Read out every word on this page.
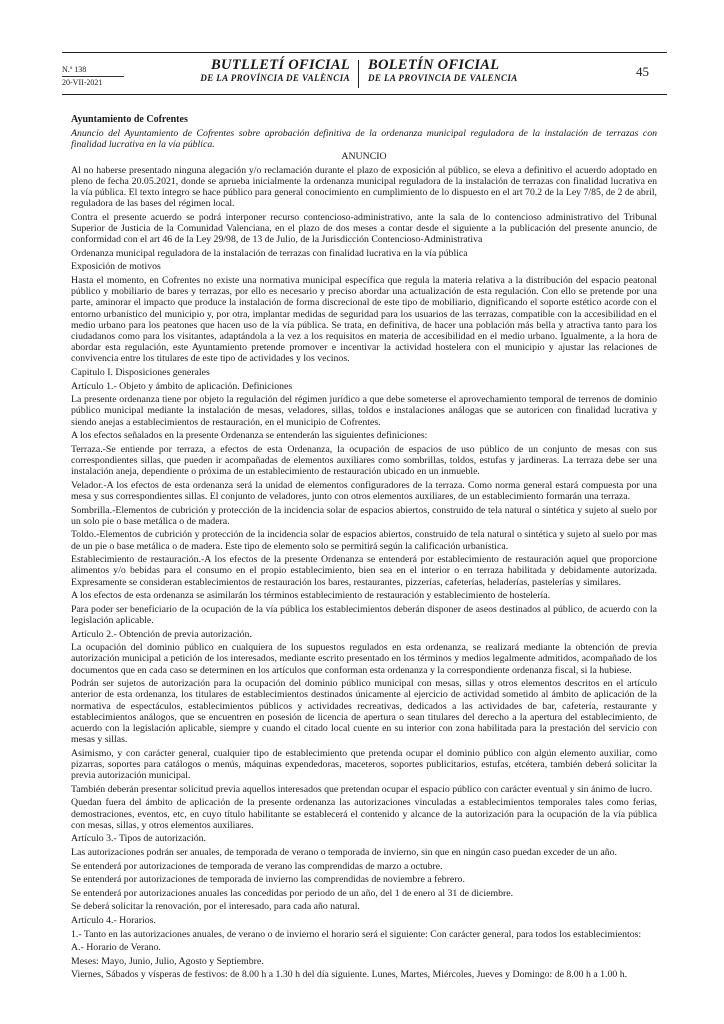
N.º 138
20-VII-2021
BUTLLETÍ OFICIAL
DE LA PROVÍNCIA DE VALÈNCIA
BOLETÍN OFICIAL
DE LA PROVINCIA DE VALENCIA	45

Ayuntamiento de Cofrentes

Anuncio del Ayuntamiento de Cofrentes sobre aprobación definitiva de la ordenanza municipal reguladora de la instalación de terrazas con finalidad lucrativa en la vía pública.

ANUNCIO

Al no haberse presentado ninguna alegación y/o reclamación durante el plazo de exposición al público, se eleva a definitivo el acuerdo adoptado en pleno de fecha 20.05.2021, donde se aprueba inicialmente la ordenanza municipal reguladora de la instalación de terrazas con finalidad lucrativa en la vía pública. El texto íntegro se hace público para general conocimiento en cumplimiento de lo dispuesto en el art 70.2 de la Ley 7/85, de 2 de abril, reguladora de las bases del régimen local.

Contra el presente acuerdo se podrá interponer recurso contencioso-administrativo, ante la sala de lo contencioso administrativo del Tribunal Superior de Justicia de la Comunidad Valenciana, en el plazo de dos meses a contar desde el siguiente a la publicación del presente anuncio, de conformidad con el art 46 de la Ley 29/98, de 13 de Julio, de la Jurisdicción Contencioso-Administrativa

Ordenanza municipal reguladora de la instalación de terrazas con finalidad lucrativa en la vía pública

Exposición de motivos

Hasta el momento, en Cofrentes no existe una normativa municipal específica que regula la materia relativa a la distribución del espacio peatonal público y mobiliario de bares y terrazas, por ello es necesario y preciso abordar una actualización de esta regulación. Con ello se pretende por una parte, aminorar el impacto que produce la instalación de forma discrecional de este tipo de mobiliario, dignificando el soporte estético acorde con el entorno urbanístico del municipio y, por otra, implantar medidas de seguridad para los usuarios de las terrazas, compatible con la accesibilidad en el medio urbano para los peatones que hacen uso de la vía pública. Se trata, en definitiva, de hacer una población más bella y atractiva tanto para los ciudadanos como para los visitantes, adaptándola a la vez a los requisitos en materia de accesibilidad en el medio urbano. Igualmente, a la hora de abordar esta regulación, este Ayuntamiento pretende promover e incentivar la actividad hostelera con el municipio y ajustar las relaciones de convivencia entre los titulares de este tipo de actividades y los vecinos.

Capitulo I. Disposiciones generales

Artículo 1.- Objeto y ámbito de aplicación. Definiciones

La presente ordenanza tiene por objeto la regulación del régimen jurídico a que debe someterse el aprovechamiento temporal de terrenos de dominio público municipal mediante la instalación de mesas, veladores, sillas, toldos e instalaciones análogas que se autoricen con finalidad lucrativa y siendo anejas a establecimientos de restauración, en el municipio de Cofrentes.

A los efectos señalados en la presente Ordenanza se entenderán las siguientes definiciones:

Terraza.-Se entiende por terraza, a efectos de esta Ordenanza, la ocupación de espacios de uso público de un conjunto de mesas con sus correspondientes sillas, que pueden ir acompañadas de elementos auxiliares como sombrillas, toldos, estufas y jardineras. La terraza debe ser una instalación aneja, dependiente o próxima de un establecimiento de restauración ubicado en un inmueble.

Velador.-A los efectos de esta ordenanza será la unidad de elementos configuradores de la terraza. Como norma general estará compuesta por una mesa y sus correspondientes sillas. El conjunto de veladores, junto con otros elementos auxiliares, de un establecimiento formarán una terraza.

Sombrilla.-Elementos de cubrición y protección de la incidencia solar de espacios abiertos, construido de tela natural o sintética y sujeto al suelo por un solo pie o base metálica o de madera.

Toldo.-Elementos de cubrición y protección de la incidencia solar de espacios abiertos, construido de tela natural o sintética y sujeto al suelo por mas de un pie o base metálica o de madera. Este tipo de elemento solo se permitirá según la calificación urbanística.

Establecimiento de restauración.-A los efectos de la presente Ordenanza se entenderá por establecimiento de restauración aquel que proporcione alimentos y/o bebidas para el consumo en el propio establecimiento, bien sea en el interior o en terraza habilitada y debidamente autorizada. Expresamente se consideran establecimientos de restauración los bares, restaurantes, pizzerías, cafeterías, heladerías, pastelerías y similares.

A los efectos de esta ordenanza se asimilarán los términos establecimiento de restauración y establecimiento de hostelería.

Para poder ser beneficiario de la ocupación de la vía pública los establecimientos deberán disponer de aseos destinados al público, de acuerdo con la legislación aplicable.

Artículo 2.- Obtención de previa autorización.

La ocupación del dominio público en cualquiera de los supuestos regulados en esta ordenanza, se realizará mediante la obtención de previa autorización municipal a petición de los interesados, mediante escrito presentado en los términos y medios legalmente admitidos, acompañado de los documentos que en cada caso se determinen en los artículos que conforman esta ordenanza y la correspondiente ordenanza fiscal, si la hubiese.

Podrán ser sujetos de autorización para la ocupación del dominio público municipal con mesas, sillas y otros elementos descritos en el artículo anterior de esta ordenanza, los titulares de establecimientos destinados únicamente al ejercicio de actividad sometido al ámbito de aplicación de la normativa de espectáculos, establecimientos públicos y actividades recreativas, dedicados a las actividades de bar, cafetería, restaurante y establecimientos análogos, que se encuentren en posesión de licencia de apertura o sean titulares del derecho a la apertura del establecimiento, de acuerdo con la legislación aplicable, siempre y cuando el citado local cuente en su interior con zona habilitada para la prestación del servicio con mesas y sillas.

Asimismo, y con carácter general, cualquier tipo de establecimiento que pretenda ocupar el dominio público con algún elemento auxiliar, como pizarras, soportes para catálogos o menús, máquinas expendedoras, maceteros, soportes publicitarios, estufas, etcétera, también deberá solicitar la previa autorización municipal.

También deberán presentar solicitud previa aquellos interesados que pretendan ocupar el espacio público con carácter eventual y sin ánimo de lucro.

Quedan fuera del ámbito de aplicación de la presente ordenanza las autorizaciones vinculadas a establecimientos temporales tales como ferias, demostraciones, eventos, etc, en cuyo título habilitante se establecerá el contenido y alcance de la autorización para la ocupación de la vía pública con mesas, sillas, y otros elementos auxiliares.

Artículo 3.- Tipos de autorización.

Las autorizaciones podrán ser anuales, de temporada de verano o temporada de invierno, sin que en ningún caso puedan exceder de un año.

Se entenderá por autorizaciones de temporada de verano las comprendidas de marzo a octubre.

Se entenderá por autorizaciones de temporada de invierno las comprendidas de noviembre a febrero.

Se entenderá por autorizaciones anuales las concedidas por periodo de un año, del 1 de enero al 31 de diciembre.

Se deberá solicitar la renovación, por el interesado, para cada año natural.

Artículo 4.- Horarios.

1.- Tanto en las autorizaciones anuales, de verano o de invierno el horario será el siguiente: Con carácter general, para todos los establecimientos:

A.- Horario de Verano.

Meses: Mayo, Junio, Julio, Agosto y Septiembre.

Viernes, Sábados y vísperas de festivos: de 8.00 h a 1.30 h del día siguiente. Lunes, Martes, Miércoles, Jueves y Domingo: de 8.00 h a 1.00 h.
